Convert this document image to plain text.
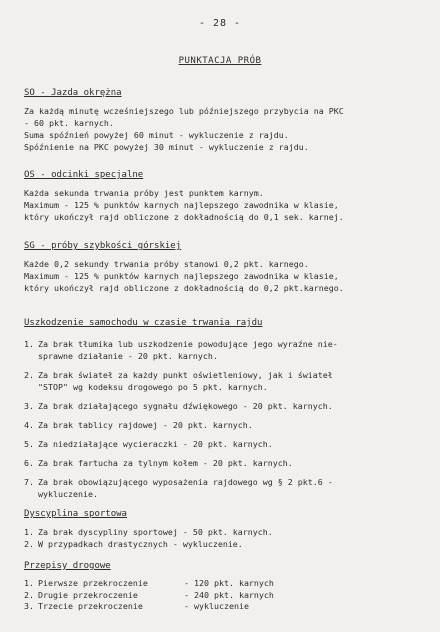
- 28 -
PUNKTACJA PRÓB
SO - Jazda okrężna
Za każdą minutę wcześniejszego lub późniejszego przybycia na PKC
- 60 pkt. karnych.
Suma spóźnień powyżej 60 minut - wykluczenie z rajdu.
Spóźnienie na PKC powyżej 30 minut - wykluczenie z rajdu.
OS - odcinki specjalne
Każda sekunda trwania próby jest punktem karnym.
Maximum - 125 % punktów karnych najlepszego zawodnika w klasie,
który ukończył rajd obliczone z dokładnością do 0,1 sek. karnej.
SG - próby szybkości górskiej
Każde 0,2 sekundy trwania próby stanowi 0,2 pkt. karnego.
Maximum - 125 % punktów karnych najlepszego zawodnika w klasie,
który ukończył rajd obliczone z dokładnością do 0,2 pkt.karnego.
Uszkodzenie samochodu w czasie trwania rajdu
1. Za brak tłumika lub uszkodzenie powodujące jego wyraźne nie-
sprawne działanie - 20 pkt. karnych.
2. Za brak świateł za każdy punkt oświetleniowy, jak i świateł
"STOP" wg kodeksu drogowego po 5 pkt. karnych.
3. Za brak działającego sygnału dźwiękowego - 20 pkt. karnych.
4. Za brak tablicy rajdowej - 20 pkt. karnych.
5. Za niedziałające wycieraczki - 20 pkt. karnych.
6. Za brak fartucha za tylnym kołem - 20 pkt. karnych.
7. Za brak obowiązującego wyposażenia rajdowego wg § 2 pkt.6 -
wykluczenie.
Dyscyplina sportowa
1. Za brak dyscypliny sportowej - 50 pkt. karnych.
2. W przypadkach drastycznych - wykluczenie.
Przepisy drogowe
1. Pierwsze przekroczenie	- 120 pkt. karnych
2. Drugie przekroczenie	- 240 pkt. karnych
3. Trzecie przekroczenie	- wykluczenie
